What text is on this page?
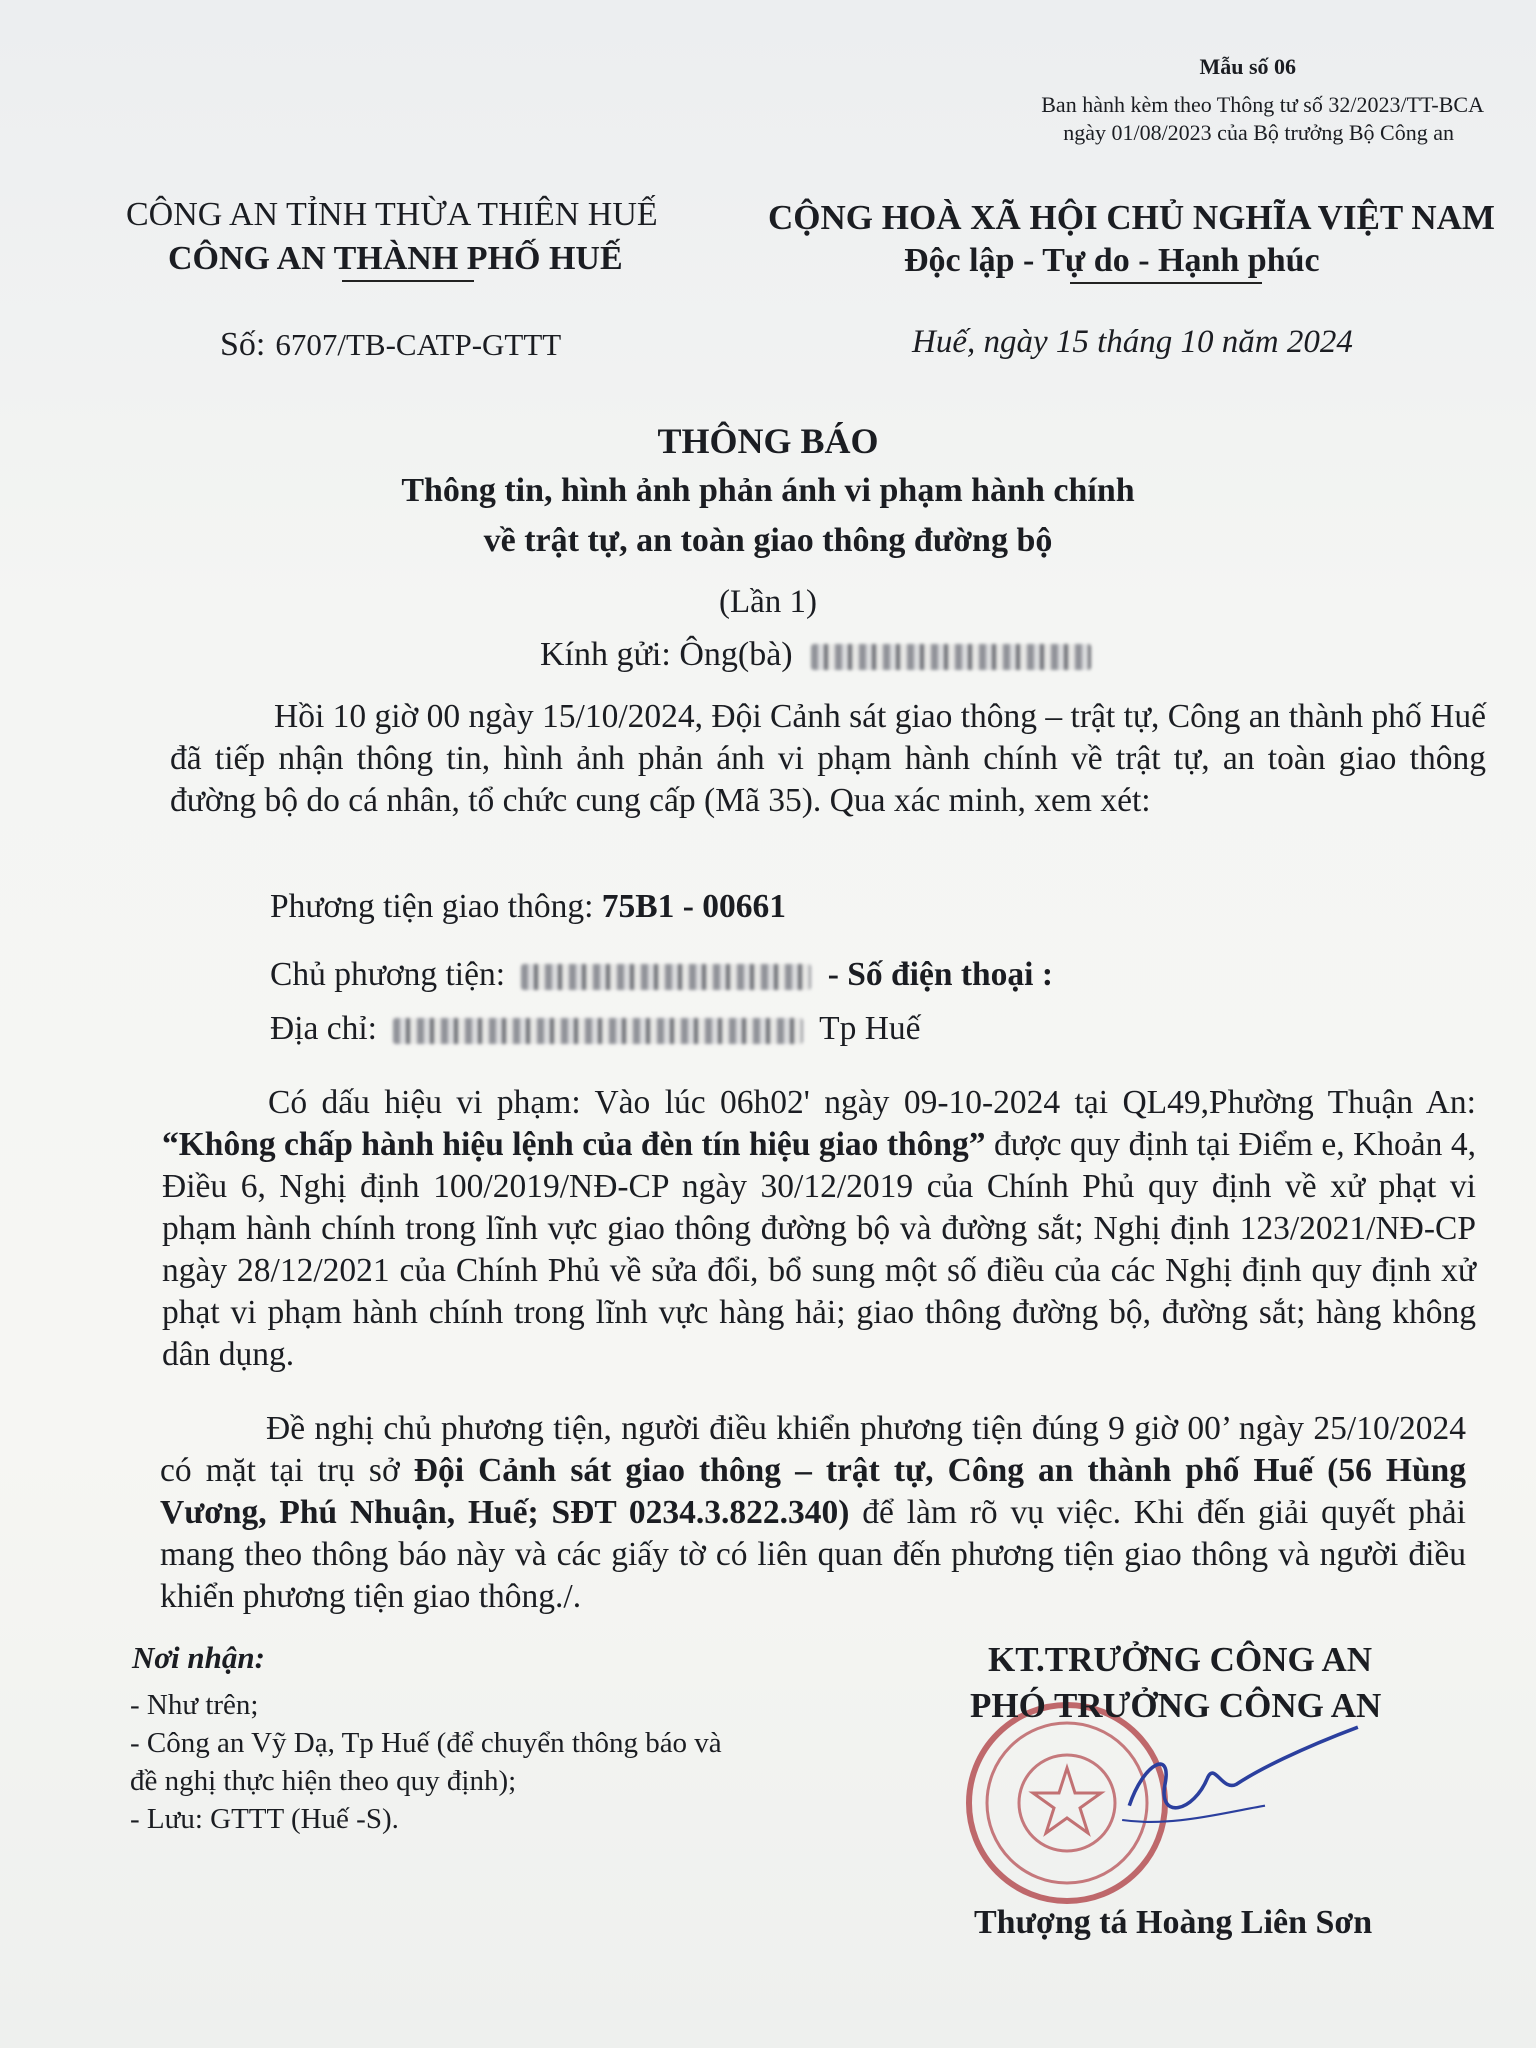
Mẫu số 06
Ban hành kèm theo Thông tư số 32/2023/TT-BCA
ngày 01/08/2023 của Bộ trưởng Bộ Công an
CÔNG AN TỈNH THỪA THIÊN HUẾ
CÔNG AN THÀNH PHỐ HUẾ
CỘNG HOÀ XÃ HỘI CHỦ NGHĨA VIỆT NAM
Độc lập - Tự do - Hạnh phúc
Số: 6707/TB-CATP-GTTT	Huế, ngày 15 tháng 10 năm 2024
THÔNG BÁO
Thông tin, hình ảnh phản ánh vi phạm hành chính
về trật tự, an toàn giao thông đường bộ
(Lần 1)
Kính gửi: Ông(bà)
Hồi 10 giờ 00 ngày 15/10/2024, Đội Cảnh sát giao thông – trật tự, Công an thành phố Huế đã tiếp nhận thông tin, hình ảnh phản ánh vi phạm hành chính về trật tự, an toàn giao thông đường bộ do cá nhân, tổ chức cung cấp (Mã 35). Qua xác minh, xem xét:
Phương tiện giao thông: 75B1 - 00661
Chủ phương tiện:	- Số điện thoại :
Địa chỉ:	Tp Huế
Có dấu hiệu vi phạm: Vào lúc 06h02' ngày 09-10-2024 tại QL49,Phường Thuận An: “Không chấp hành hiệu lệnh của đèn tín hiệu giao thông” được quy định tại Điểm e, Khoản 4, Điều 6, Nghị định 100/2019/NĐ-CP ngày 30/12/2019 của Chính Phủ quy định về xử phạt vi phạm hành chính trong lĩnh vực giao thông đường bộ và đường sắt; Nghị định 123/2021/NĐ-CP ngày 28/12/2021 của Chính Phủ về sửa đổi, bổ sung một số điều của các Nghị định quy định xử phạt vi phạm hành chính trong lĩnh vực hàng hải; giao thông đường bộ, đường sắt; hàng không dân dụng.
Đề nghị chủ phương tiện, người điều khiển phương tiện đúng 9 giờ 00’ ngày 25/10/2024 có mặt tại trụ sở Đội Cảnh sát giao thông – trật tự, Công an thành phố Huế (56 Hùng Vương, Phú Nhuận, Huế; SĐT 0234.3.822.340) để làm rõ vụ việc. Khi đến giải quyết phải mang theo thông báo này và các giấy tờ có liên quan đến phương tiện giao thông và người điều khiển phương tiện giao thông./.
Nơi nhận:
- Như trên;
- Công an Vỹ Dạ, Tp Huế (để chuyển thông báo và
đề nghị thực hiện theo quy định);
- Lưu: GTTT (Huế -S).
KT.TRƯỞNG CÔNG AN
PHÓ TRƯỞNG CÔNG AN
Thượng tá Hoàng Liên Sơn
